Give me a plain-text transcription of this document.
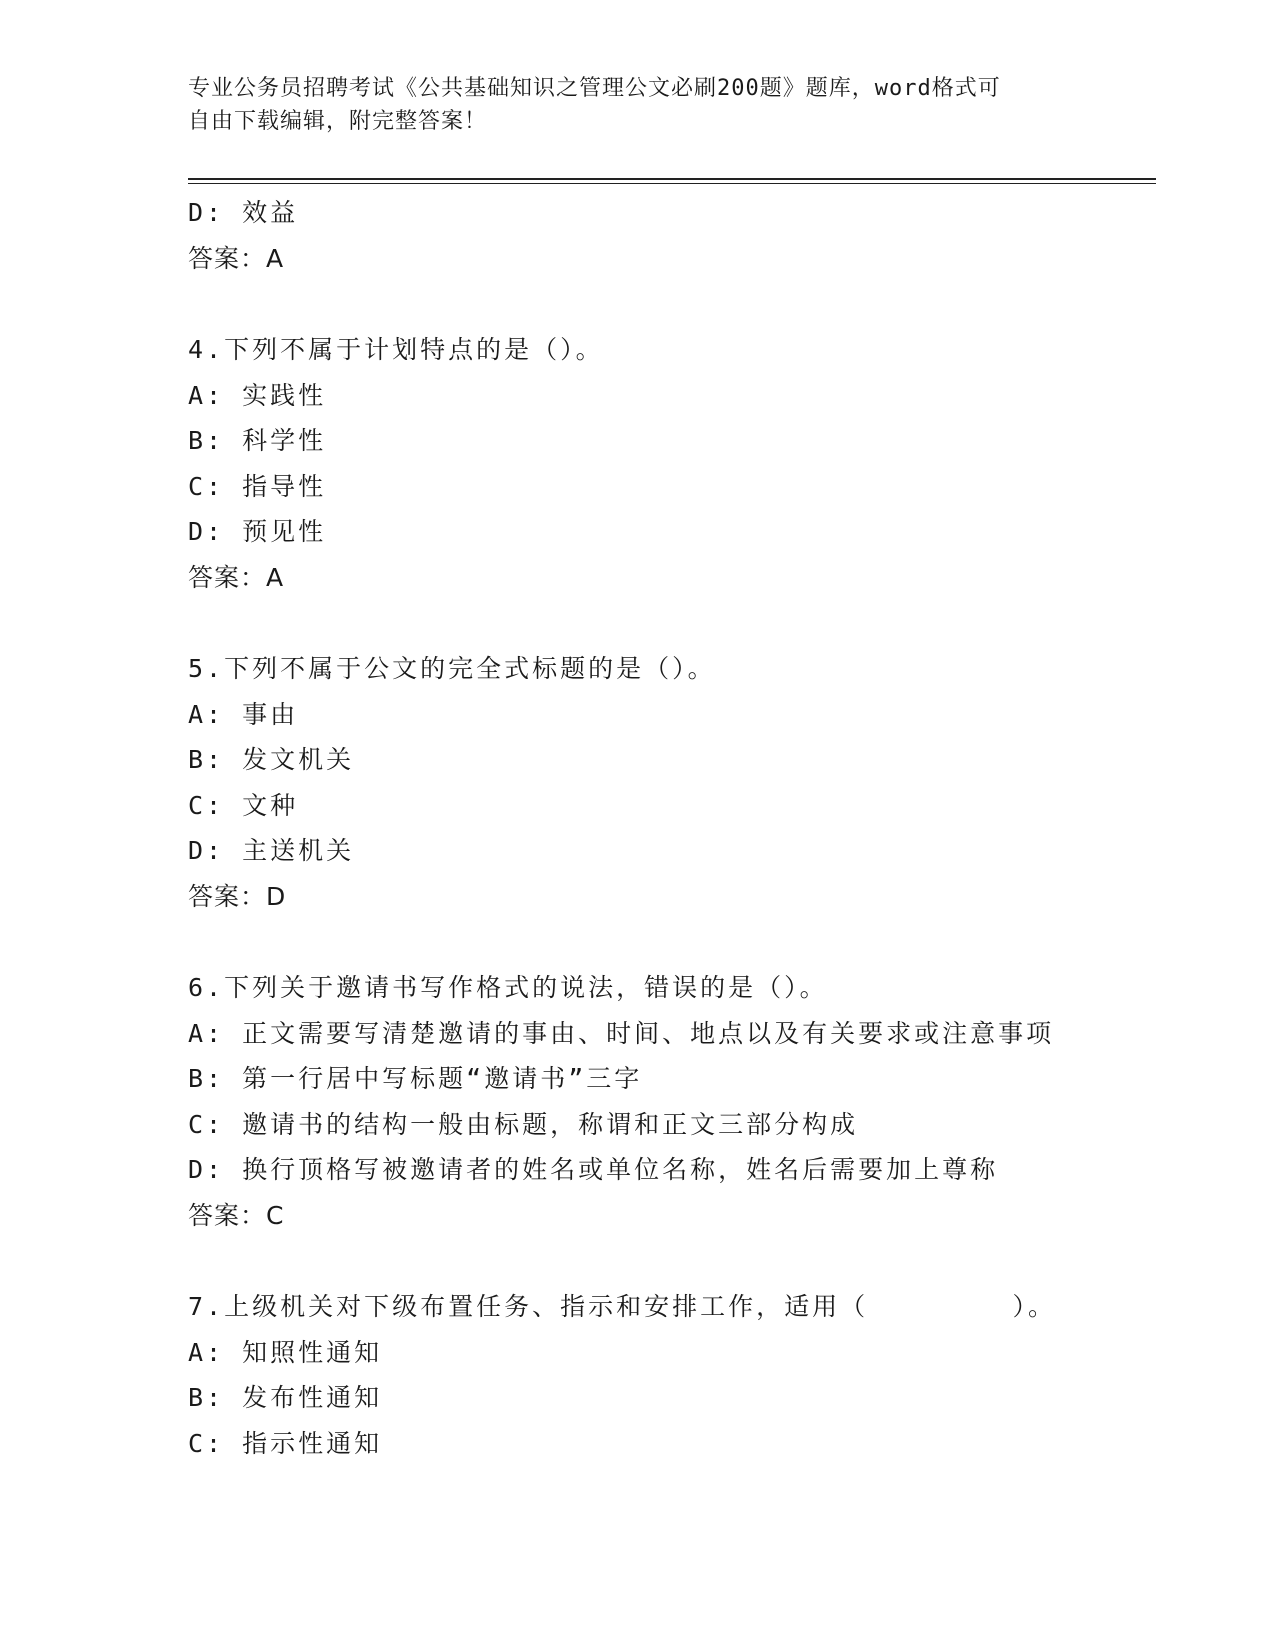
专业公务员招聘考试《公共基础知识之管理公文必刷200题》题库，word格式可
自由下载编辑，附完整答案！
D: 效益
答案：A
4.下列不属于计划特点的是（）。
A: 实践性
B: 科学性
C: 指导性
D: 预见性
答案：A
5.下列不属于公文的完全式标题的是（）。
A: 事由
B: 发文机关
C: 文种
D: 主送机关
答案：D
6.下列关于邀请书写作格式的说法，错误的是（）。
A: 正文需要写清楚邀请的事由、时间、地点以及有关要求或注意事项
B: 第一行居中写标题“邀请书”三字
C: 邀请书的结构一般由标题，称谓和正文三部分构成
D: 换行顶格写被邀请者的姓名或单位名称，姓名后需要加上尊称
答案：C
7.上级机关对下级布置任务、指示和安排工作，适用（        ）。
A: 知照性通知
B: 发布性通知
C: 指示性通知
